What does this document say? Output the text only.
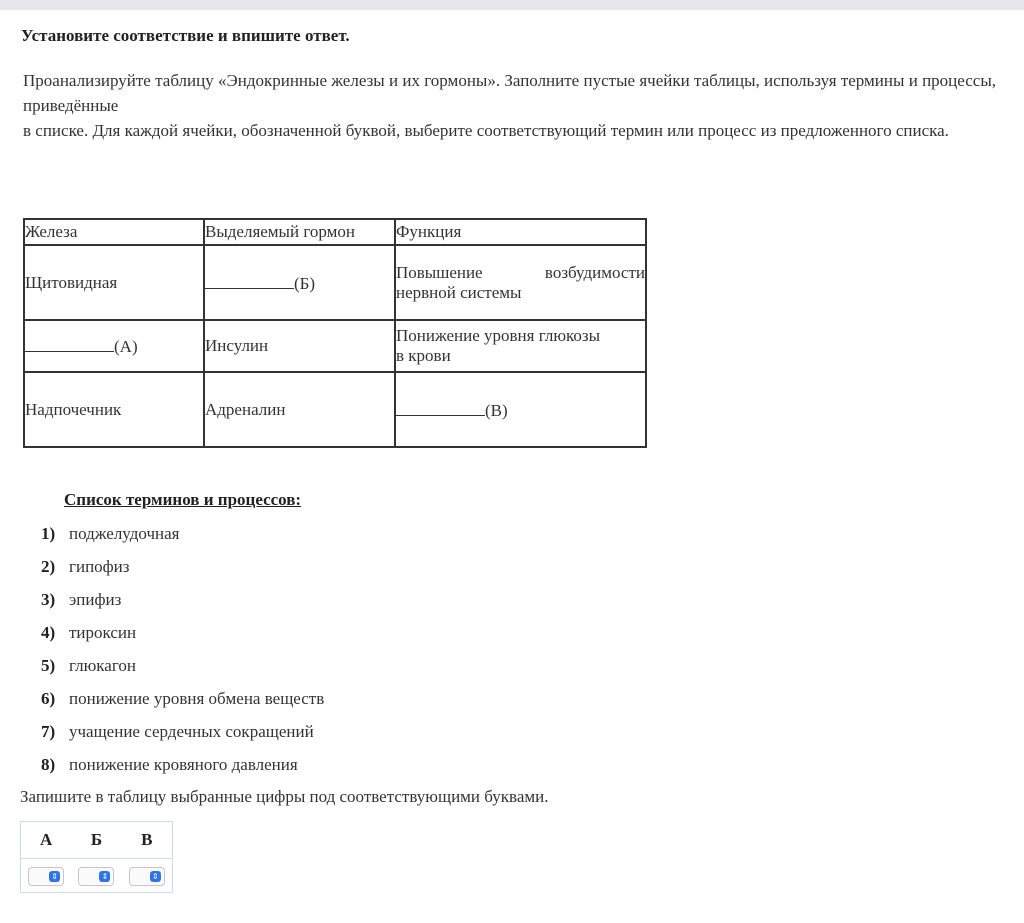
Установите соответствие и впишите ответ.

Проанализируйте таблицу «Эндокринные железы и их гормоны». Заполните пустые ячейки таблицы, используя термины и процессы, приведённые

в списке. Для каждой ячейки, обозначенной буквой, выберите соответствующий термин или процесс из предложенного списка.

Железа	Выделяемый гормон	Функция
Щитовидная	(Б)	Повышение возбудимости
нервной системы
(А)	Инсулин	Понижение уровня глюкозы
в крови

Надпочечник	Адреналин	(В)
Список терминов и процессов:
1) поджелудочная
2) гипофиз
3) эпифиз
4) тироксин
5) глюкагон
6) понижение уровня обмена веществ
7) учащение сердечных сокращений
8) понижение кровяного давления
Запишите в таблицу выбранные цифры под соответствующими буквами.
А	Б	В
⇕	⇕	⇕
